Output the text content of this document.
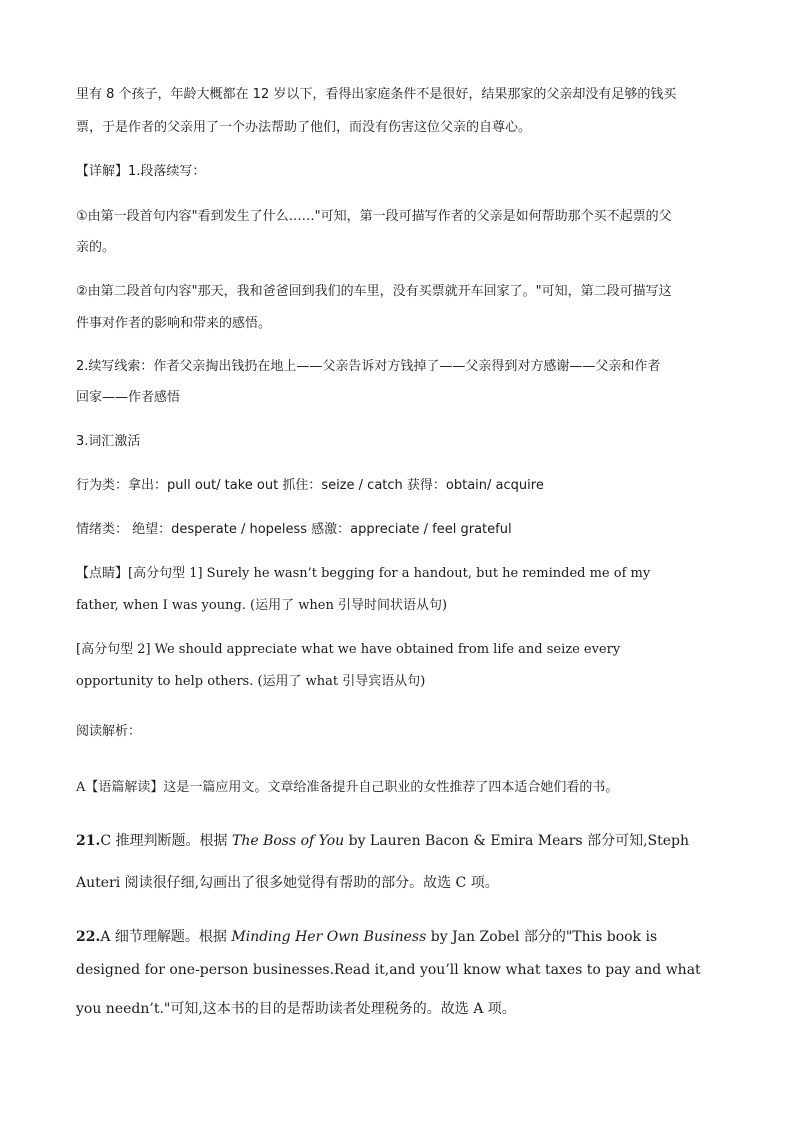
里有 8 个孩子，年龄大概都在 12 岁以下，看得出家庭条件不是很好，结果那家的父亲却没有足够的钱买
票，于是作者的父亲用了一个办法帮助了他们，而没有伤害这位父亲的自尊心。
【详解】1.段落续写：
①由第一段首句内容"看到发生了什么……"可知，第一段可描写作者的父亲是如何帮助那个买不起票的父
亲的。
②由第二段首句内容"那天，我和爸爸回到我们的车里，没有买票就开车回家了。"可知，第二段可描写这
件事对作者的影响和带来的感悟。
2.续写线索：作者父亲掏出钱扔在地上——父亲告诉对方钱掉了——父亲得到对方感谢——父亲和作者
回家——作者感悟
3.词汇激活
行为类：拿出：pull out/ take out 抓住：seize / catch 获得：obtain/ acquire
情绪类： 绝望：desperate / hopeless 感激：appreciate / feel grateful
【点睛】[高分句型 1] Surely he wasn’t begging for a handout, but he reminded me of my
father, when I was young. (运用了 when 引导时间状语从句)
[高分句型 2] We should appreciate what we have obtained from life and seize every
opportunity to help others. (运用了 what 引导宾语从句)
阅读解析：
A【语篇解读】这是一篇应用文。文章给准备提升自己职业的女性推荐了四本适合她们看的书。
21.C 推理判断题。根据 The Boss of You by Lauren Bacon & Emira Mears 部分可知,Steph
Auteri 阅读很仔细,勾画出了很多她觉得有帮助的部分。故选 C 项。
22.A 细节理解题。根据 Minding Her Own Business by Jan Zobel 部分的"This book is
designed for one-person businesses.Read it,and you’ll know what taxes to pay and what
you needn’t."可知,这本书的目的是帮助读者处理税务的。故选 A 项。
